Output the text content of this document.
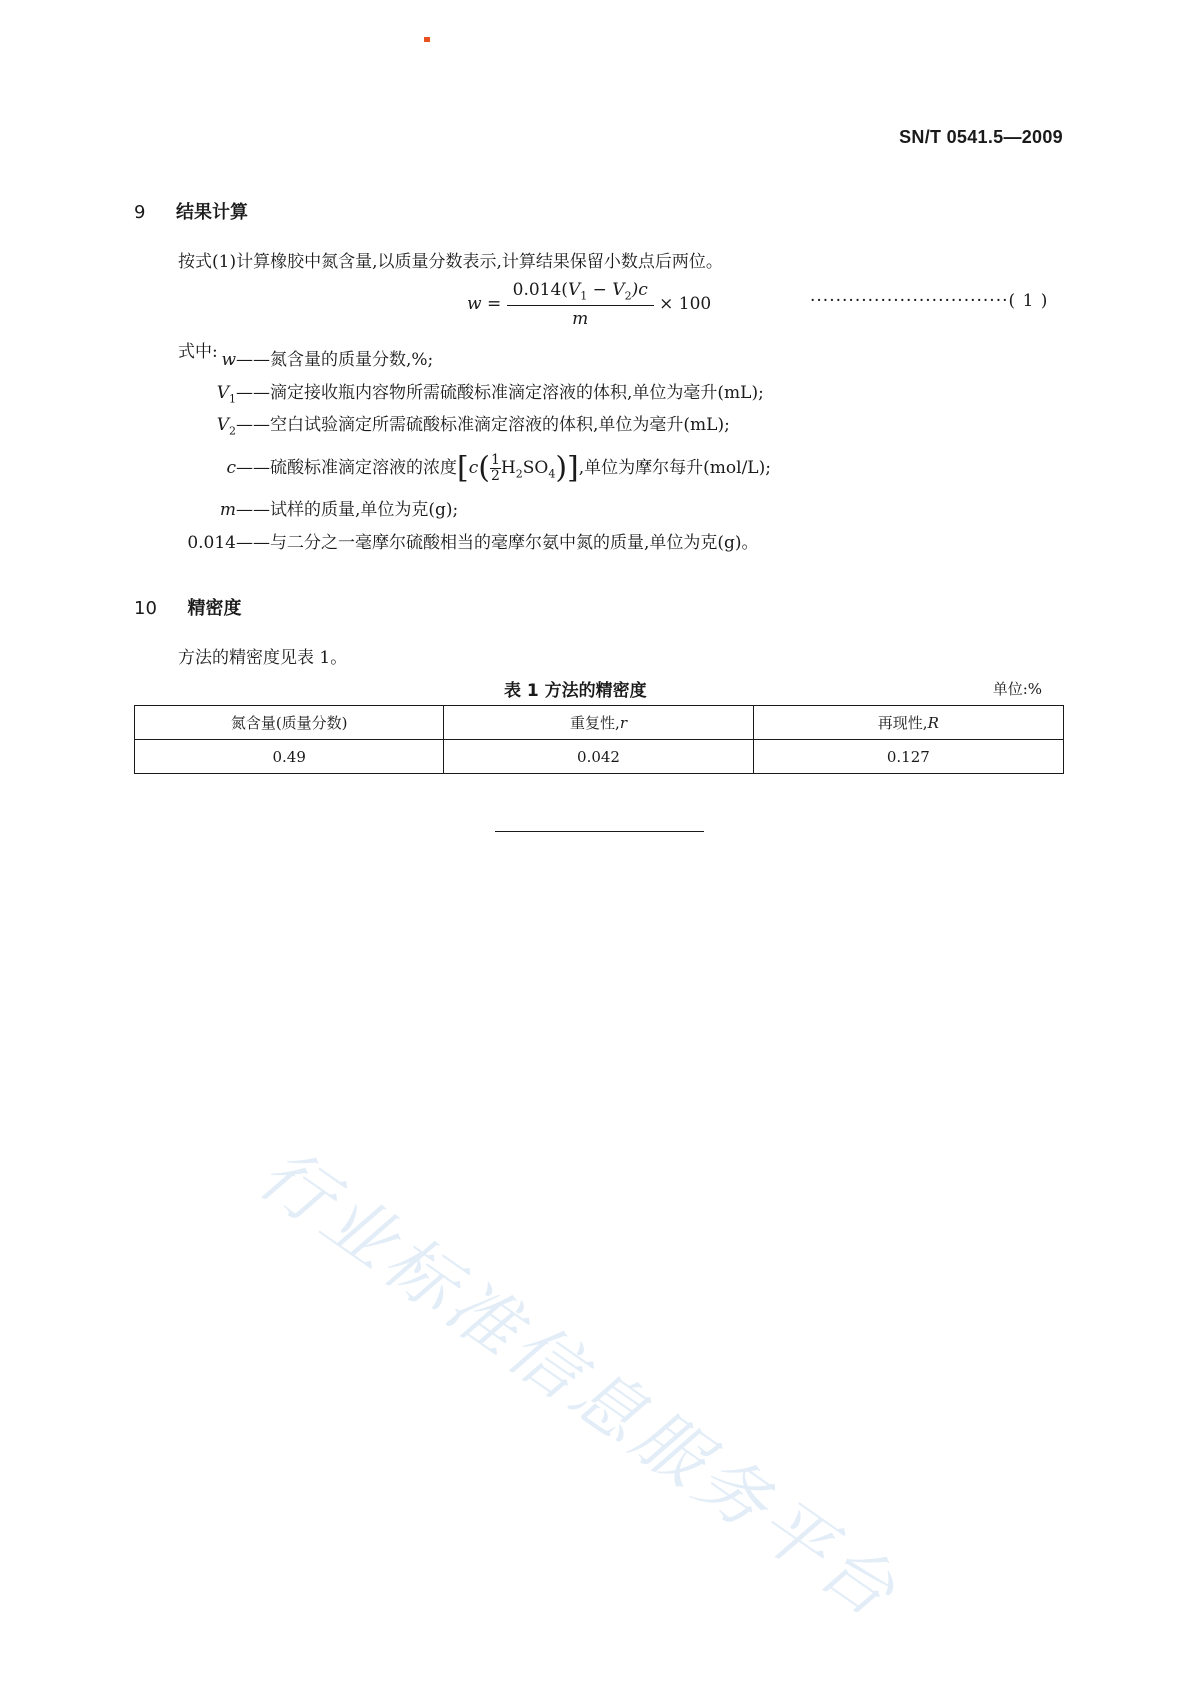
SN/T 0541.5—2009
9 结果计算
按式(1)计算橡胶中氮含量,以质量分数表示,计算结果保留小数点后两位。
$w = \frac{0.014(V_1 - V_2)c}{m} \times 100$	·······························( 1 )
式中: w——氮含量的质量分数,%;
$V_1——$滴定接收瓶内容物所需硫酸标准滴定溶液的体积,单位为毫升(mL);
$V_2——$空白试验滴定所需硫酸标准滴定溶液的体积,单位为毫升(mL);
c——硫酸标准滴定溶液的浓度$[c( \frac{1}{2} H_2SO_4)]$,单位为摩尔每升(mol/L);
m——试样的质量,单位为克(g);
0.014——与二分之一毫摩尔硫酸相当的毫摩尔氨中氮的质量,单位为克(g)。
10 精密度
方法的精密度见表 1。
表 1 方法的精密度	单位:%
氮含量(质量分数)	重复性,r	再现性,R
0.49	0.042	0.127
行业标准信息服务平台
